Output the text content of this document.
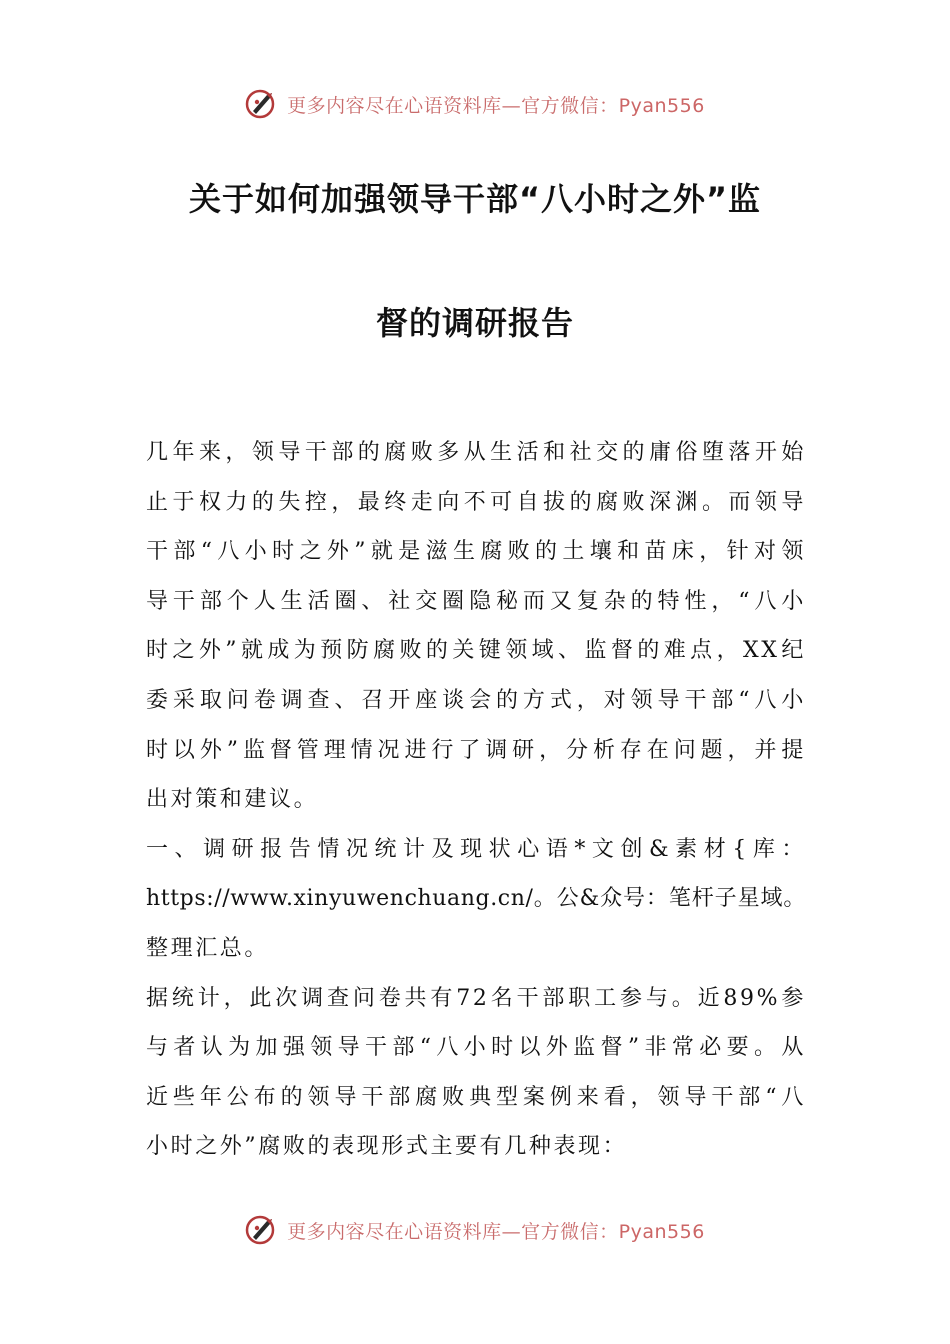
更多内容尽在心语资料库—官方微信：Pyan556
关于如何加强领导干部“八小时之外”监
督的调研报告

几年来，领导干部的腐败多从生活和社交的庸俗堕落开始
止于权力的失控，最终走向不可自拔的腐败深渊。而领导
干部“八小时之外”就是滋生腐败的土壤和苗床，针对领
导干部个人生活圈、社交圈隐秘而又复杂的特性，“八小
时之外”就成为预防腐败的关键领域、监督的难点，XX纪
委采取问卷调查、召开座谈会的方式，对领导干部“八小
时以外”监督管理情况进行了调研，分析存在问题，并提
出对策和建议。

一、调研报告情况统计及现状心语*文创&素材{库：
https://www.xinyuwenchuang.cn/。公&众号：笔杆子星域。
整理汇总。

据统计，此次调查问卷共有72名干部职工参与。近89%参
与者认为加强领导干部“八小时以外监督”非常必要。从
近些年公布的领导干部腐败典型案例来看，领导干部“八
小时之外”腐败的表现形式主要有几种表现：

更多内容尽在心语资料库—官方微信：Pyan556
